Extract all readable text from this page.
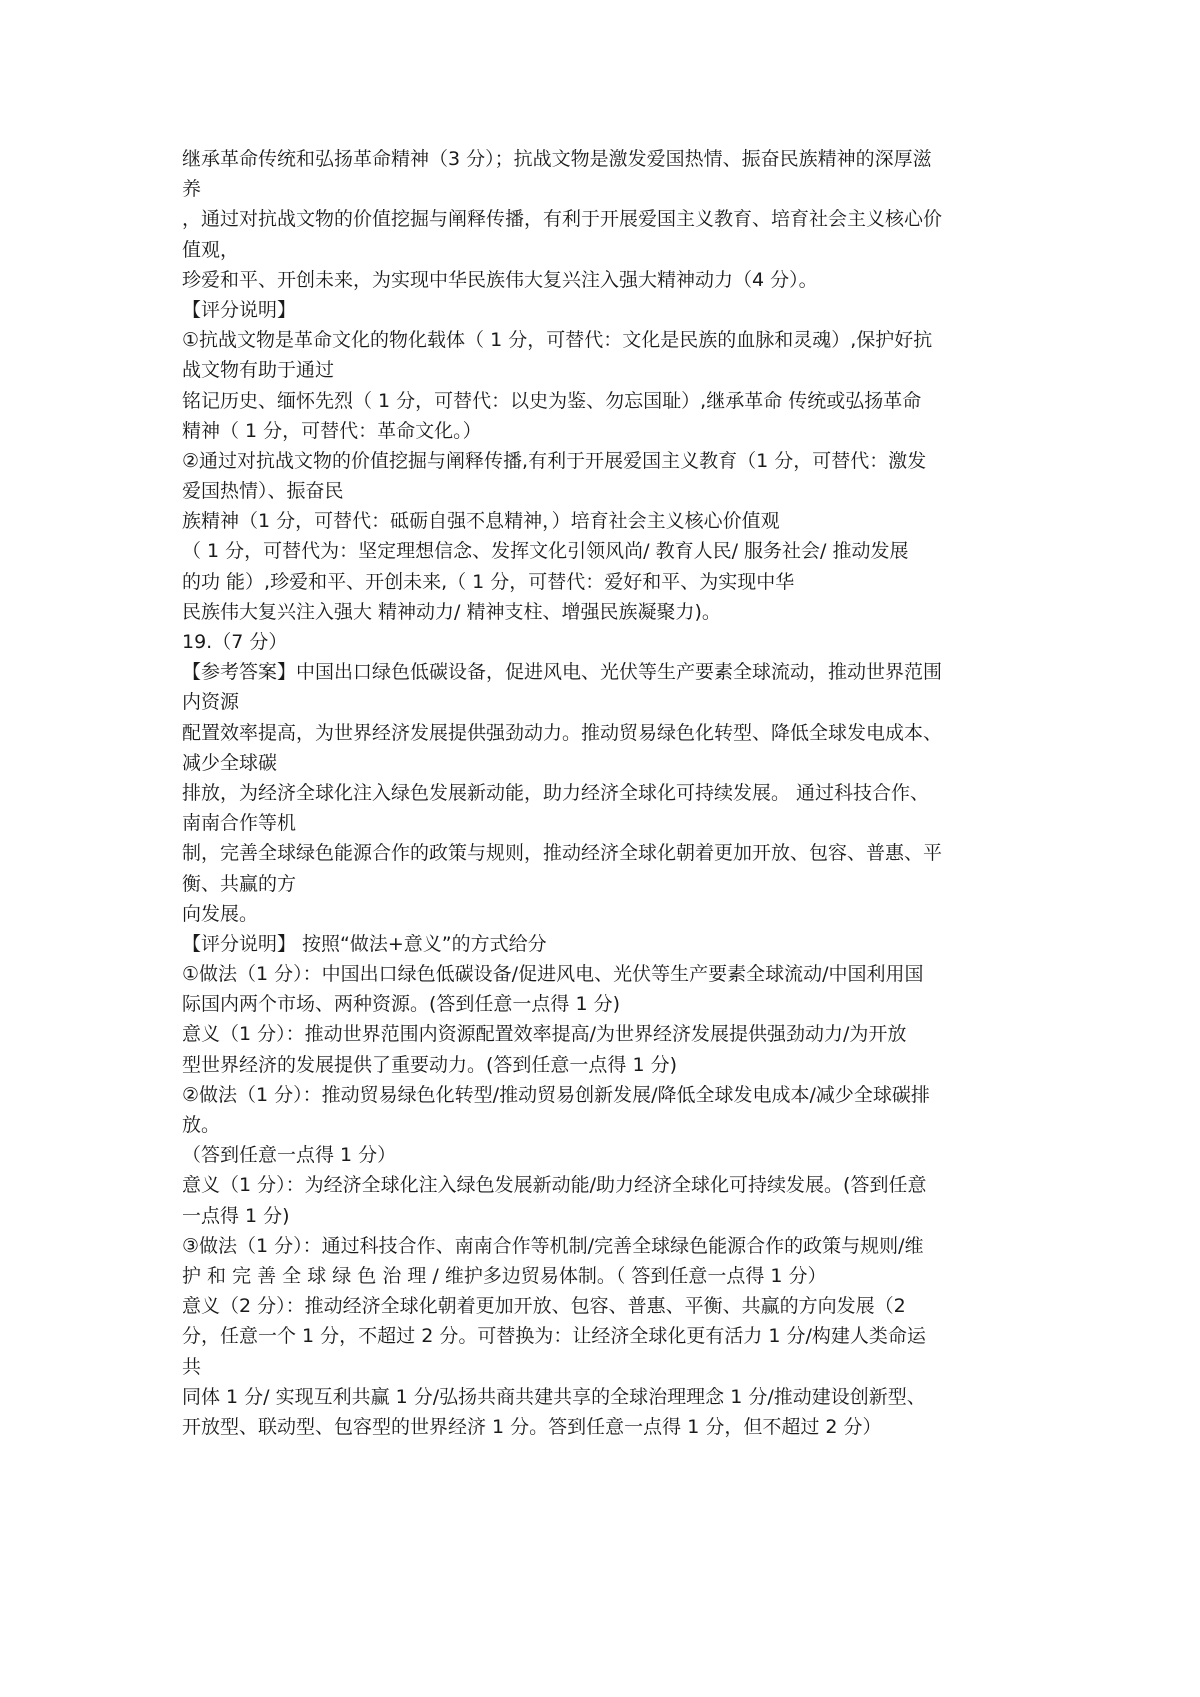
继承革命传统和弘扬革命精神（3 分）；抗战文物是激发爱国热情、振奋民族精神的深厚滋
养
，通过对抗战文物的价值挖掘与阐释传播，有利于开展爱国主义教育、培育社会主义核心价
值观，
珍爱和平、开创未来，为实现中华民族伟大复兴注入强大精神动力（4 分）。
【评分说明】
①抗战文物是革命文化的物化载体（ 1 分，可替代：文化是民族的血脉和灵魂）,保护好抗
战文物有助于通过
铭记历史、缅怀先烈（ 1 分，可替代：以史为鉴、勿忘国耻）,继承革命 传统或弘扬革命
精神（ 1 分，可替代：革命文化。）
②通过对抗战文物的价值挖掘与阐释传播,有利于开展爱国主义教育（1 分，可替代：激发
爱国热情）、振奋民
族精神（1 分，可替代：砥砺自强不息精神，）培育社会主义核心价值观
（ 1 分，可替代为：坚定理想信念、发挥文化引领风尚/ 教育人民/ 服务社会/ 推动发展
的功 能）,珍爱和平、开创未来,（ 1 分，可替代：爱好和平、为实现中华
民族伟大复兴注入强大 精神动力/ 精神支柱、增强民族凝聚力)。
19.（7 分）
【参考答案】中国出口绿色低碳设备，促进风电、光伏等生产要素全球流动，推动世界范围
内资源
配置效率提高，为世界经济发展提供强劲动力。推动贸易绿色化转型、降低全球发电成本、
减少全球碳
排放，为经济全球化注入绿色发展新动能，助力经济全球化可持续发展。 通过科技合作、
南南合作等机
制，完善全球绿色能源合作的政策与规则，推动经济全球化朝着更加开放、包容、普惠、平
衡、共赢的方
向发展。
【评分说明】 按照“做法+意义”的方式给分
①做法（1 分）：中国出口绿色低碳设备/促进风电、光伏等生产要素全球流动/中国利用国
际国内两个市场、两种资源。(答到任意一点得 1 分)
意义（1 分）：推动世界范围内资源配置效率提高/为世界经济发展提供强劲动力/为开放
型世界经济的发展提供了重要动力。(答到任意一点得 1 分)
②做法（1 分）：推动贸易绿色化转型/推动贸易创新发展/降低全球发电成本/减少全球碳排
放。
（答到任意一点得 1 分）
意义（1 分）：为经济全球化注入绿色发展新动能/助力经济全球化可持续发展。(答到任意
一点得 1 分)
③做法（1 分）：通过科技合作、南南合作等机制/完善全球绿色能源合作的政策与规则/维
护 和 完 善 全 球 绿 色 治 理 / 维护多边贸易体制。（ 答到任意一点得 1 分）
意义（2 分）：推动经济全球化朝着更加开放、包容、普惠、平衡、共赢的方向发展（2
分，任意一个 1 分，不超过 2 分。可替换为：让经济全球化更有活力 1 分/构建人类命运
共
同体 1 分/ 实现互利共赢 1 分/弘扬共商共建共享的全球治理理念 1 分/推动建设创新型、
开放型、联动型、包容型的世界经济 1 分。答到任意一点得 1 分，但不超过 2 分）
